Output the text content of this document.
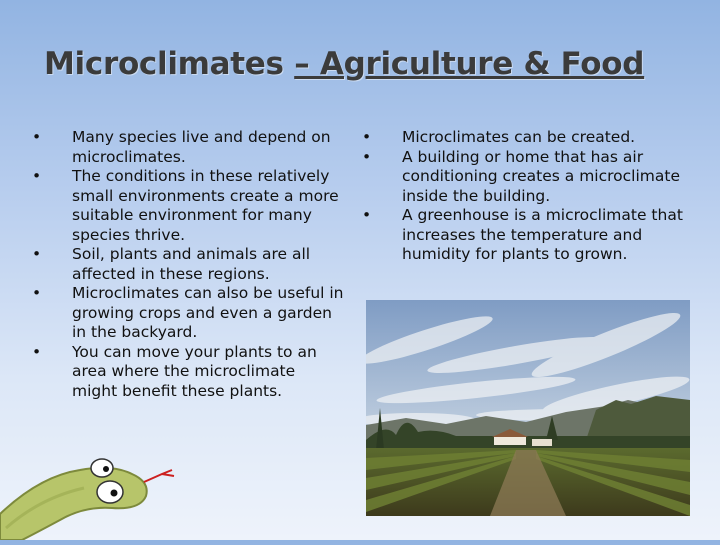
Microclimates – Agriculture & Food
• Many species live and depend on microclimates.
• The conditions in these relatively small environments create a more suitable environment for many species thrive.
• Soil, plants and animals are all affected in these regions.
• Microclimates can also be useful in growing crops and even a garden in the backyard.
• You can move your plants to an area where the microclimate might benefit these plants.
• Microclimates can be created.
• A building or home that has air conditioning creates a microclimate inside the building.
• A greenhouse is a microclimate that increases the temperature and humidity for plants to grown.
